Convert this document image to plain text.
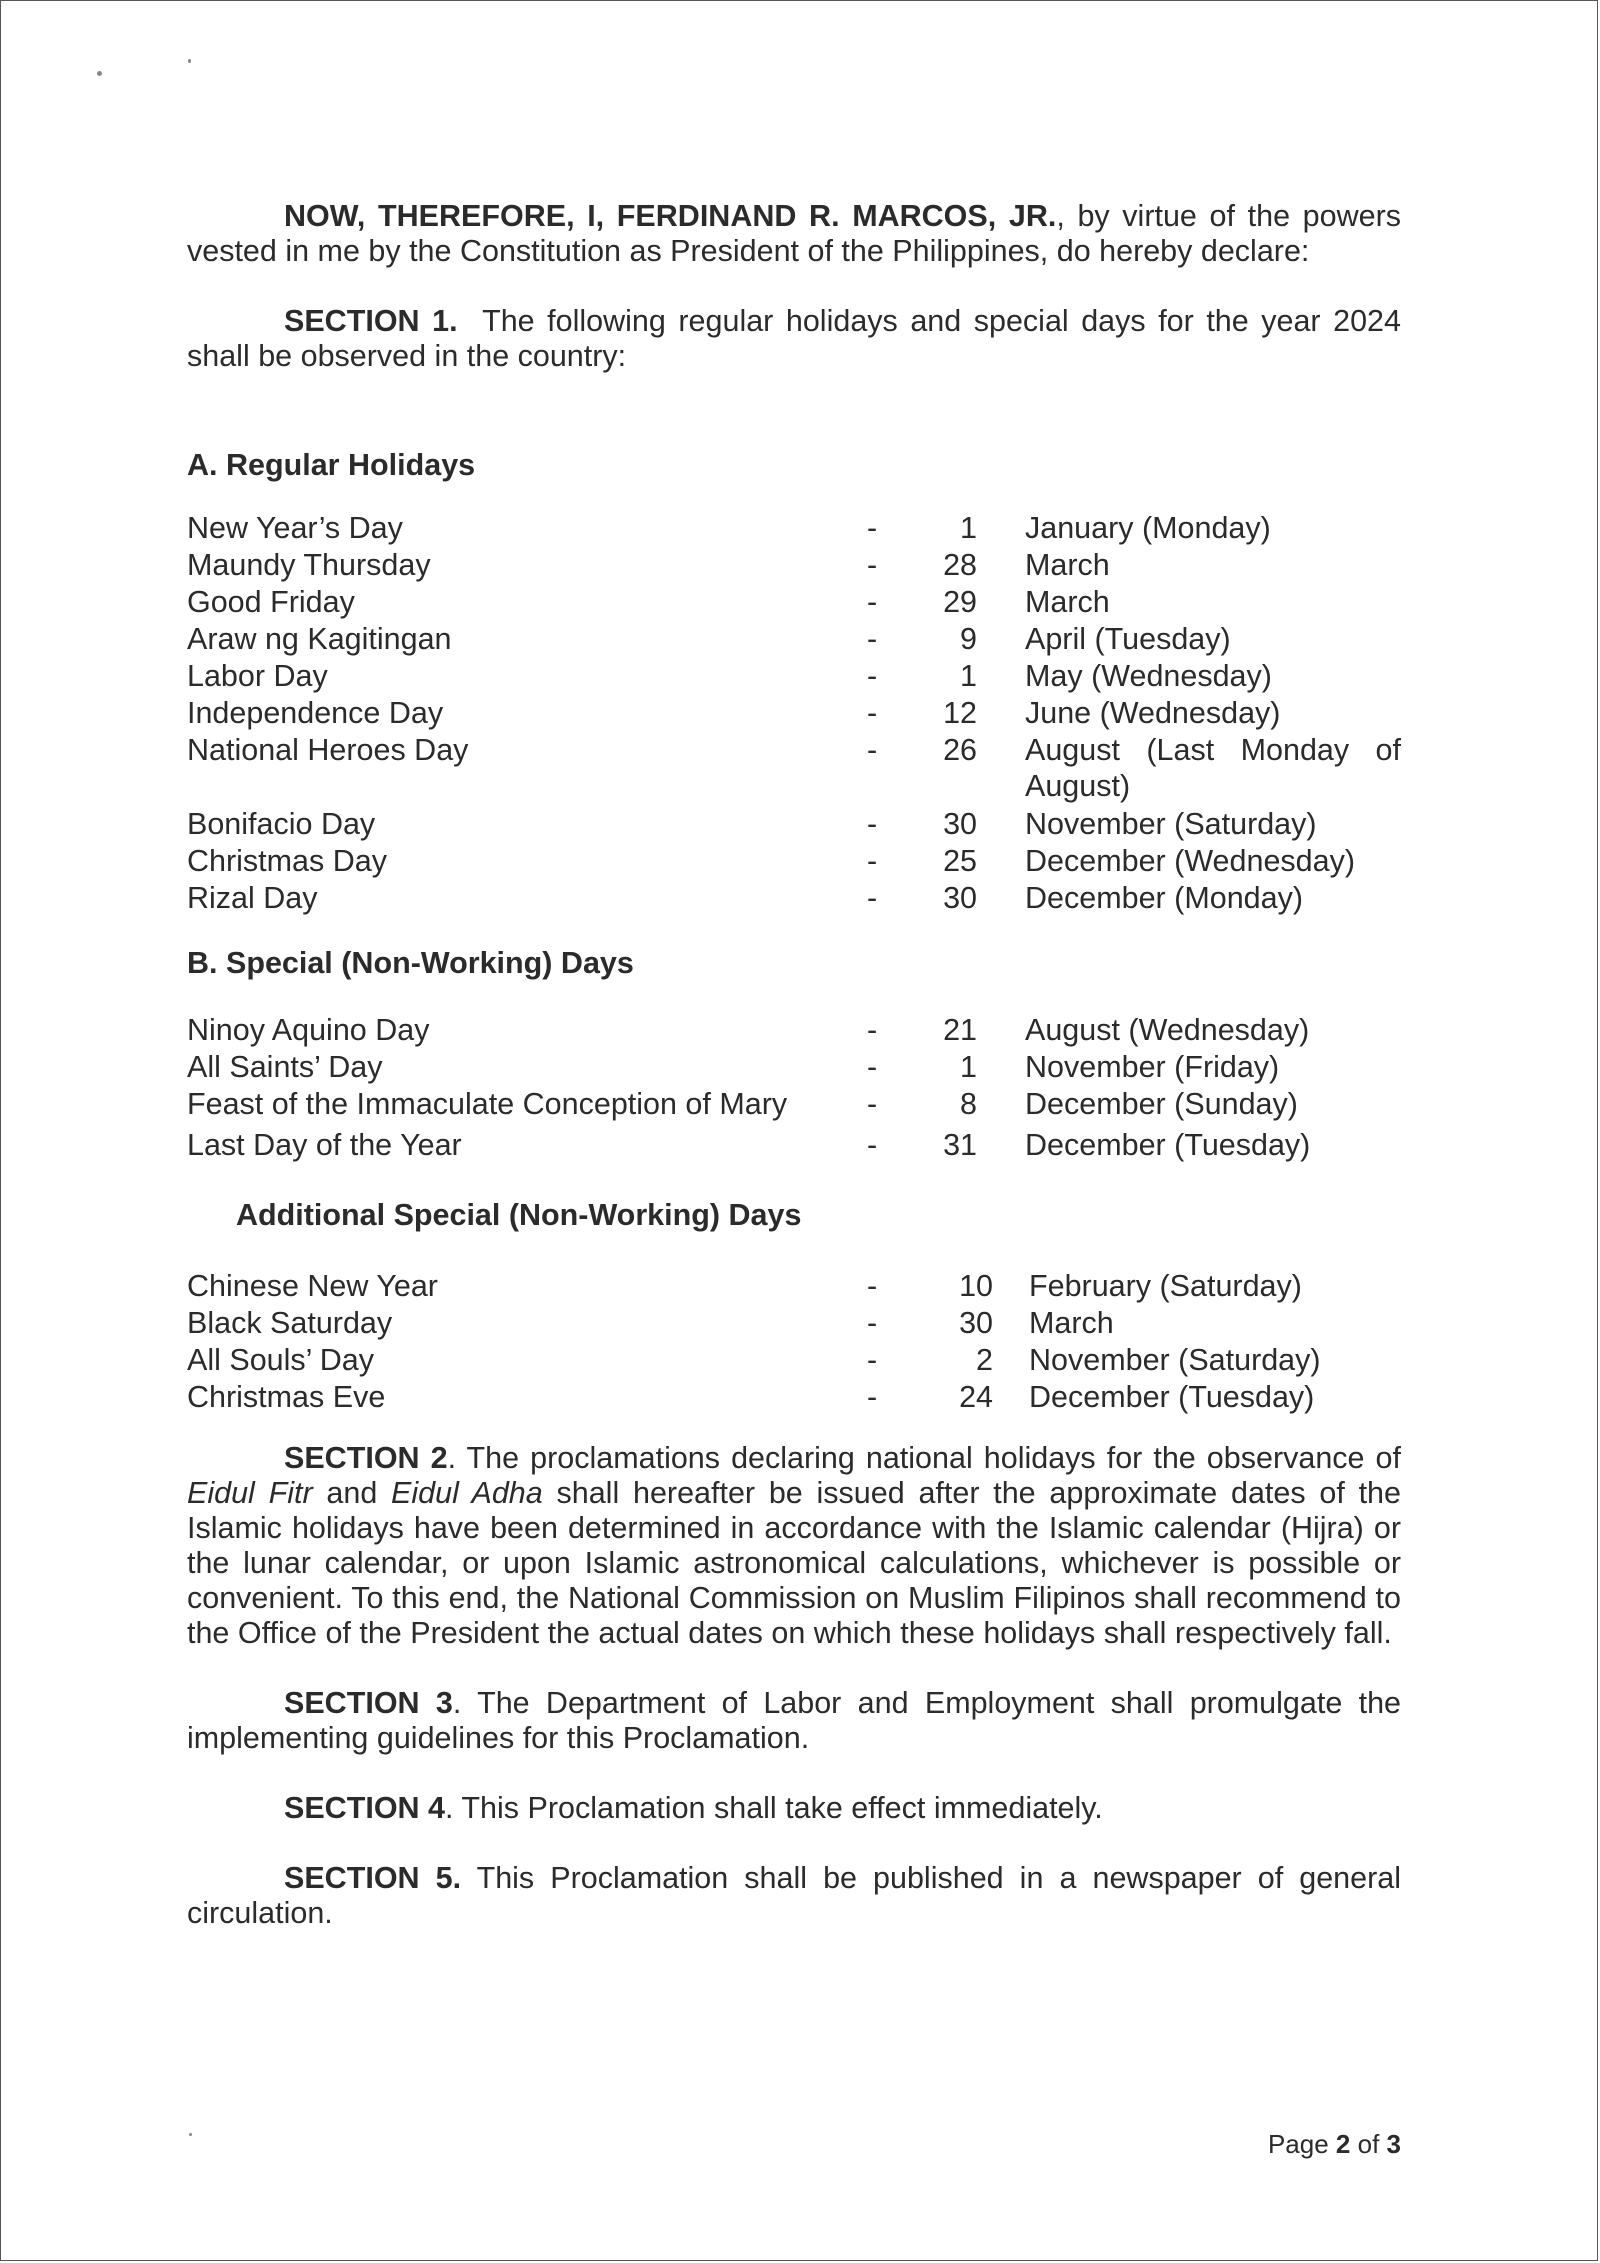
NOW, THEREFORE, I, FERDINAND R. MARCOS, JR., by virtue of the powers vested in me by the Constitution as President of the Philippines, do hereby declare:

SECTION 1. The following regular holidays and special days for the year 2024 shall be observed in the country:

A. Regular Holidays

New Year’s Day	-	1 January (Monday)
Maundy Thursday	-	28 March
Good Friday	-	29 March
Araw ng Kagitingan	-	9 April (Tuesday)
Labor Day	-	1 May (Wednesday)
Independence Day	-	12 June (Wednesday)
National Heroes Day	-	26 August (Last Monday of
August)
Bonifacio Day	-	30 November (Saturday)
Christmas Day	-	25 December (Wednesday)
Rizal Day	-	30 December (Monday)

B. Special (Non-Working) Days

Ninoy Aquino Day	-	21 August (Wednesday)
All Saints’ Day	-	1 November (Friday)
Feast of the Immaculate Conception of Mary	-	8 December (Sunday)
Last Day of the Year	-	31 December (Tuesday)

Additional Special (Non-Working) Days

Chinese New Year	-	10 February (Saturday)
Black Saturday	-	30 March
All Souls’ Day	-	2 November (Saturday)
Christmas Eve	-	24 December (Tuesday)

SECTION 2. The proclamations declaring national holidays for the observance of Eidul Fitr and Eidul Adha shall hereafter be issued after the approximate dates of the Islamic holidays have been determined in accordance with the Islamic calendar (Hijra) or the lunar calendar, or upon Islamic astronomical calculations, whichever is possible or convenient. To this end, the National Commission on Muslim Filipinos shall recommend to the Office of the President the actual dates on which these holidays shall respectively fall.

SECTION 3. The Department of Labor and Employment shall promulgate the implementing guidelines for this Proclamation.

SECTION 4. This Proclamation shall take effect immediately.

SECTION 5. This Proclamation shall be published in a newspaper of general circulation.

Page 2 of 3
